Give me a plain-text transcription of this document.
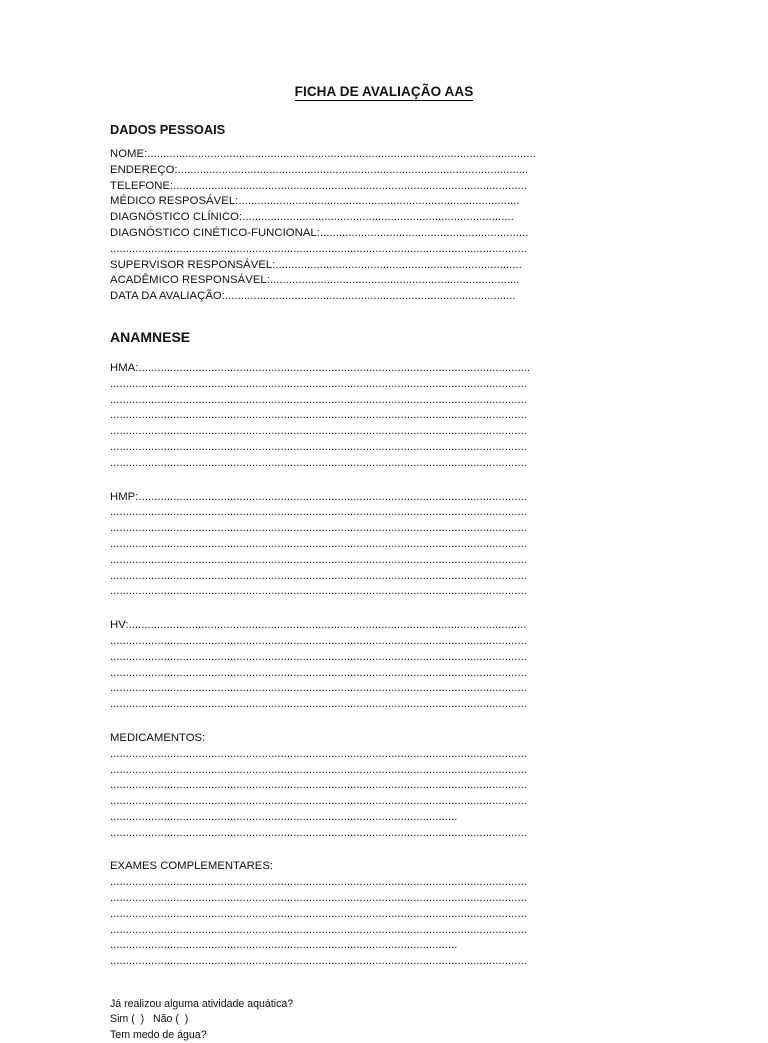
FICHA DE AVALIAÇÃO AAS
DADOS PESSOAIS
NOME:...........................................................................................................................
ENDEREÇO:...............................................................................................................
TELEFONE:................................................................................................................
MÉDICO RESPOSÁVEL:.........................................................................................
DIAGNÓSTICO CLÍNICO:......................................................................................
DIAGNÓSTICO CINÉTICO-FUNCIONAL:..................................................................
....................................................................................................................................
SUPERVISOR RESPONSÁVEL:..............................................................................
ACADÊMICO RESPONSÁVEL:...............................................................................
DATA DA AVALIAÇÃO:............................................................................................
ANAMNESE
HMA:............................................................................................................................
....................................................................................................................................
....................................................................................................................................
....................................................................................................................................
....................................................................................................................................
....................................................................................................................................
....................................................................................................................................
HMP:...........................................................................................................................
....................................................................................................................................
....................................................................................................................................
....................................................................................................................................
....................................................................................................................................
....................................................................................................................................
....................................................................................................................................
HV:..............................................................................................................................
....................................................................................................................................
....................................................................................................................................
....................................................................................................................................
....................................................................................................................................
....................................................................................................................................
MEDICAMENTOS:
....................................................................................................................................
....................................................................................................................................
....................................................................................................................................
....................................................................................................................................
..............................................................................................................
....................................................................................................................................
EXAMES COMPLEMENTARES:
....................................................................................................................................
....................................................................................................................................
....................................................................................................................................
....................................................................................................................................
..............................................................................................................
....................................................................................................................................
Já realizou alguma atividade aquática?
Sim (  )   Não (  )
Tem medo de água?
